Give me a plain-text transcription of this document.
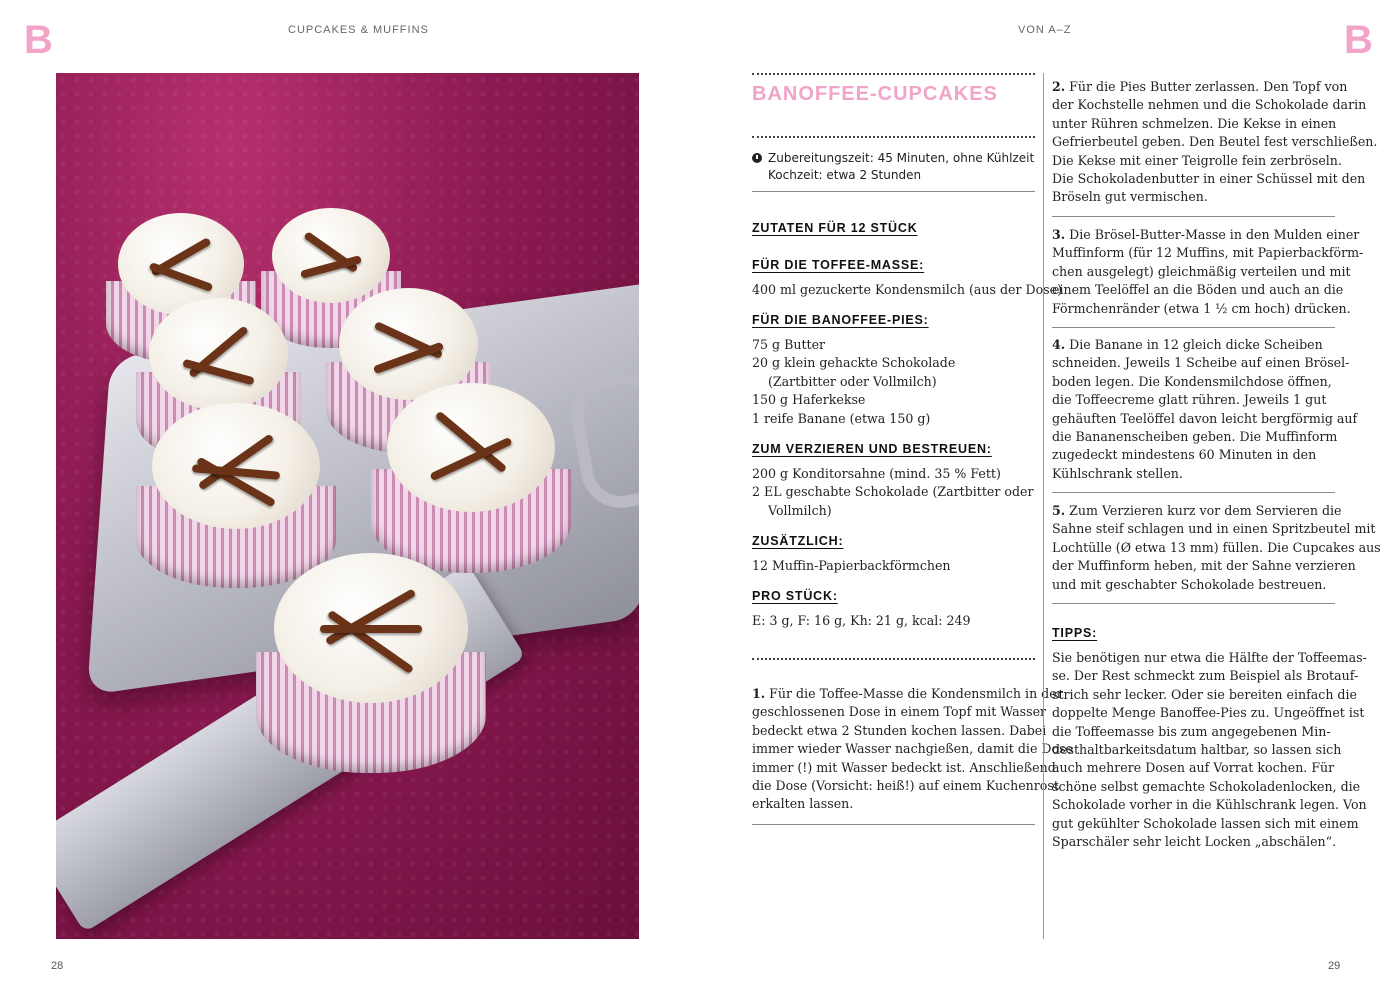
B	B
CUPCAKES & MUFFINS	VON A–Z
28	29
BANOFFEE-CUPCAKES
Zubereitungszeit: 45 Minuten, ohne Kühlzeit
Kochzeit: etwa 2 Stunden
ZUTATEN FÜR 12 STÜCK
FÜR DIE TOFFEE-MASSE:
400 ml gezuckerte Kondensmilch (aus der Dose)
FÜR DIE BANOFFEE-PIES:
75 g Butter
20 g klein gehackte Schokolade
(Zartbitter oder Vollmilch)
150 g Haferkekse
1 reife Banane (etwa 150 g)
ZUM VERZIEREN UND BESTREUEN:
200 g Konditorsahne (mind. 35 % Fett)
2 EL geschabte Schokolade (Zartbitter oder
Vollmilch)
ZUSÄTZLICH:
12 Muffin-Papierbackförmchen
PRO STÜCK:
E: 3 g, F: 16 g, Kh: 21 g, kcal: 249
1. Für die Toffee-Masse die Kondensmilch in der
geschlossenen Dose in einem Topf mit Wasser
bedeckt etwa 2 Stunden kochen lassen. Dabei
immer wieder Wasser nachgießen, damit die Dose
immer (!) mit Wasser bedeckt ist. Anschließend
die Dose (Vorsicht: heiß!) auf einem Kuchenrost
erkalten lassen.
2. Für die Pies Butter zerlassen. Den Topf von
der Kochstelle nehmen und die Schokolade darin
unter Rühren schmelzen. Die Kekse in einen
Gefrierbeutel geben. Den Beutel fest verschließen.
Die Kekse mit einer Teigrolle fein zerbröseln.
Die Schokoladenbutter in einer Schüssel mit den
Bröseln gut vermischen.
3. Die Brösel-Butter-Masse in den Mulden einer
Muffinform (für 12 Muffins, mit Papierbackförm-
chen ausgelegt) gleichmäßig verteilen und mit
einem Teelöffel an die Böden und auch an die
Förmchenränder (etwa 1 ½ cm hoch) drücken.
4. Die Banane in 12 gleich dicke Scheiben
schneiden. Jeweils 1 Scheibe auf einen Brösel-
boden legen. Die Kondensmilchdose öffnen,
die Toffeecreme glatt rühren. Jeweils 1 gut
gehäuften Teelöffel davon leicht bergförmig auf
die Bananenscheiben geben. Die Muffinform
zugedeckt mindestens 60 Minuten in den
Kühlschrank stellen.
5. Zum Verzieren kurz vor dem Servieren die
Sahne steif schlagen und in einen Spritzbeutel mit
Lochtülle (Ø etwa 13 mm) füllen. Die Cupcakes aus
der Muffinform heben, mit der Sahne verzieren
und mit geschabter Schokolade bestreuen.
TIPPS:
Sie benötigen nur etwa die Hälfte der Toffeemas-
se. Der Rest schmeckt zum Beispiel als Brotauf-
strich sehr lecker. Oder sie bereiten einfach die
doppelte Menge Banoffee-Pies zu. Ungeöffnet ist
die Toffeemasse bis zum angegebenen Min-
desthaltbarkeitsdatum haltbar, so lassen sich
auch mehrere Dosen auf Vorrat kochen. Für
schöne selbst gemachte Schokoladenlocken, die
Schokolade vorher in die Kühlschrank legen. Von
gut gekühlter Schokolade lassen sich mit einem
Sparschäler sehr leicht Locken „abschälen“.
